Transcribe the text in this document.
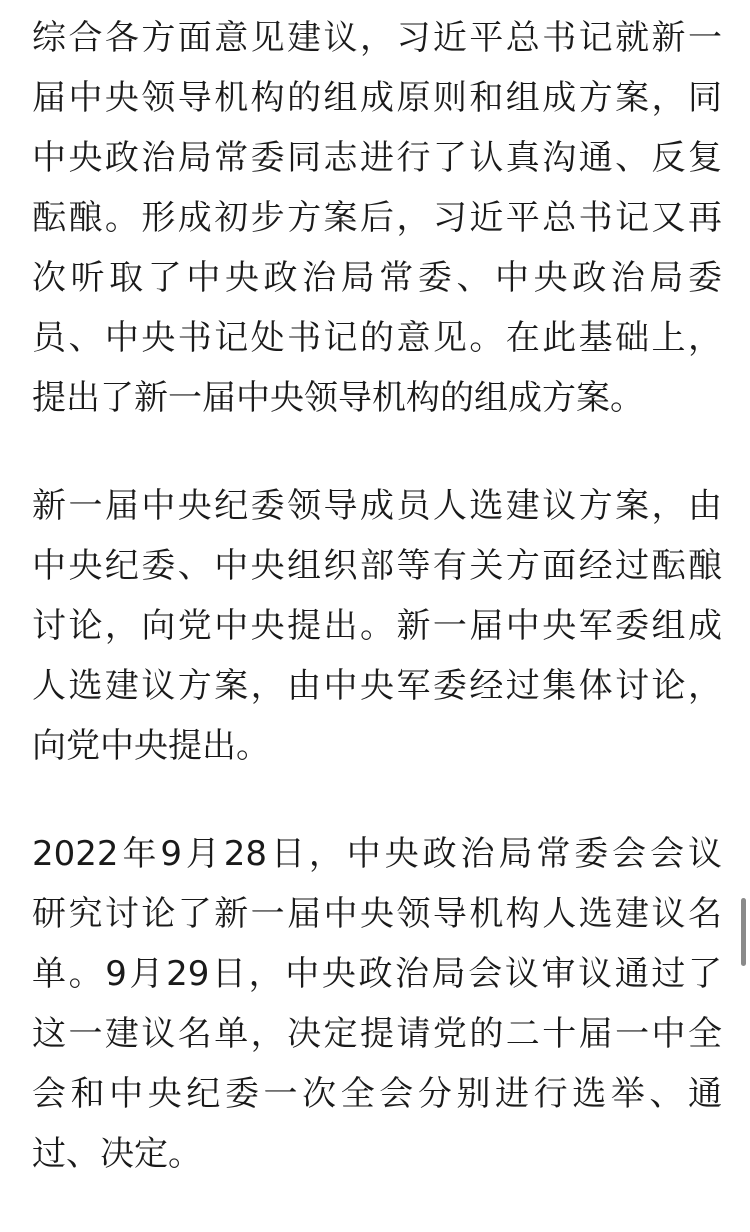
综合各方面意见建议，习近平总书记就新一
届中央领导机构的组成原则和组成方案，同
中央政治局常委同志进行了认真沟通、反复
酝酿。形成初步方案后，习近平总书记又再
次听取了中央政治局常委、中央政治局委
员、中央书记处书记的意见。在此基础上，
提出了新一届中央领导机构的组成方案。
新一届中央纪委领导成员人选建议方案，由
中央纪委、中央组织部等有关方面经过酝酿
讨论，向党中央提出。新一届中央军委组成
人选建议方案，由中央军委经过集体讨论，
向党中央提出。
2022年9月28日，中央政治局常委会会议
研究讨论了新一届中央领导机构人选建议名
单。9月29日，中央政治局会议审议通过了
这一建议名单，决定提请党的二十届一中全
会和中央纪委一次全会分别进行选举、通
过、决定。
